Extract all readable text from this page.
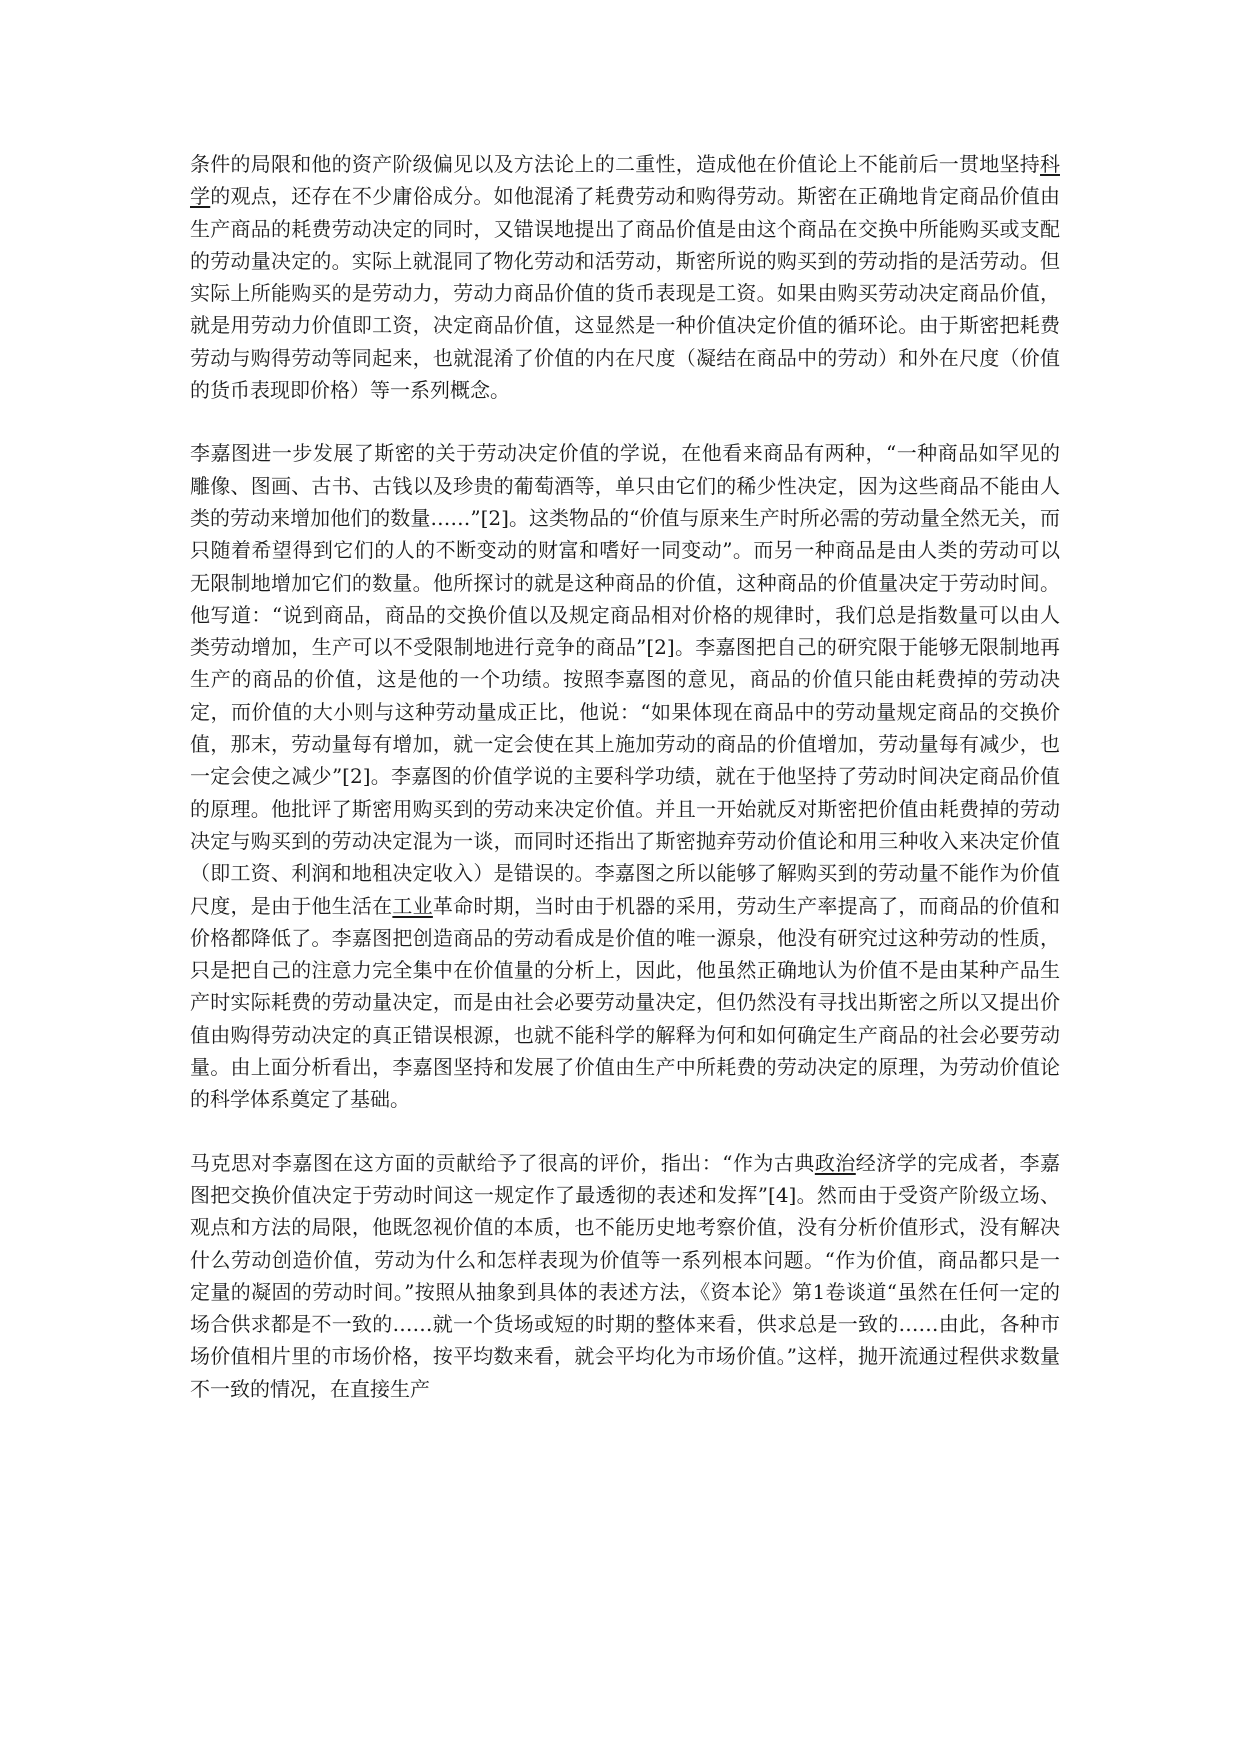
条件的局限和他的资产阶级偏见以及方法论上的二重性，造成他在价值论上不能前后一贯地坚持科学的观点，还存在不少庸俗成分。如他混淆了耗费劳动和购得劳动。斯密在正确地肯定商品价值由生产商品的耗费劳动决定的同时，又错误地提出了商品价值是由这个商品在交换中所能购买或支配的劳动量决定的。实际上就混同了物化劳动和活劳动，斯密所说的购买到的劳动指的是活劳动。但实际上所能购买的是劳动力，劳动力商品价值的货币表现是工资。如果由购买劳动决定商品价值，就是用劳动力价值即工资，决定商品价值，这显然是一种价值决定价值的循环论。由于斯密把耗费劳动与购得劳动等同起来，也就混淆了价值的内在尺度（凝结在商品中的劳动）和外在尺度（价值的货币表现即价格）等一系列概念。

李嘉图进一步发展了斯密的关于劳动决定价值的学说，在他看来商品有两种，“一种商品如罕见的雕像、图画、古书、古钱以及珍贵的葡萄酒等，单只由它们的稀少性决定，因为这些商品不能由人类的劳动来增加他们的数量……”[2]。这类物品的“价值与原来生产时所必需的劳动量全然无关，而只随着希望得到它们的人的不断变动的财富和嗜好一同变动”。而另一种商品是由人类的劳动可以无限制地增加它们的数量。他所探讨的就是这种商品的价值，这种商品的价值量决定于劳动时间。他写道：“说到商品，商品的交换价值以及规定商品相对价格的规律时，我们总是指数量可以由人类劳动增加，生产可以不受限制地进行竞争的商品”[2]。李嘉图把自己的研究限于能够无限制地再生产的商品的价值，这是他的一个功绩。按照李嘉图的意见，商品的价值只能由耗费掉的劳动决定，而价值的大小则与这种劳动量成正比，他说：“如果体现在商品中的劳动量规定商品的交换价值，那末，劳动量每有增加，就一定会使在其上施加劳动的商品的价值增加，劳动量每有减少，也一定会使之减少”[2]。李嘉图的价值学说的主要科学功绩，就在于他坚持了劳动时间决定商品价值的原理。他批评了斯密用购买到的劳动来决定价值。并且一开始就反对斯密把价值由耗费掉的劳动决定与购买到的劳动决定混为一谈，而同时还指出了斯密抛弃劳动价值论和用三种收入来决定价值（即工资、利润和地租决定收入）是错误的。李嘉图之所以能够了解购买到的劳动量不能作为价值尺度，是由于他生活在工业革命时期，当时由于机器的采用，劳动生产率提高了，而商品的价值和价格都降低了。李嘉图把创造商品的劳动看成是价值的唯一源泉，他没有研究过这种劳动的性质，只是把自己的注意力完全集中在价值量的分析上，因此，他虽然正确地认为价值不是由某种产品生产时实际耗费的劳动量决定，而是由社会必要劳动量决定，但仍然没有寻找出斯密之所以又提出价值由购得劳动决定的真正错误根源，也就不能科学的解释为何和如何确定生产商品的社会必要劳动量。由上面分析看出，李嘉图坚持和发展了价值由生产中所耗费的劳动决定的原理，为劳动价值论的科学体系奠定了基础。

马克思对李嘉图在这方面的贡献给予了很高的评价，指出：“作为古典政治经济学的完成者，李嘉图把交换价值决定于劳动时间这一规定作了最透彻的表述和发挥”[4]。然而由于受资产阶级立场、观点和方法的局限，他既忽视价值的本质，也不能历史地考察价值，没有分析价值形式，没有解决什么劳动创造价值，劳动为什么和怎样表现为价值等一系列根本问题。“作为价值，商品都只是一定量的凝固的劳动时间。”按照从抽象到具体的表述方法，《资本论》第1卷谈道“虽然在任何一定的场合供求都是不一致的……就一个货场或短的时期的整体来看，供求总是一致的……由此，各种市场价值相片里的市场价格，按平均数来看，就会平均化为市场价值。”这样，抛开流通过程供求数量不一致的情况，在直接生产
